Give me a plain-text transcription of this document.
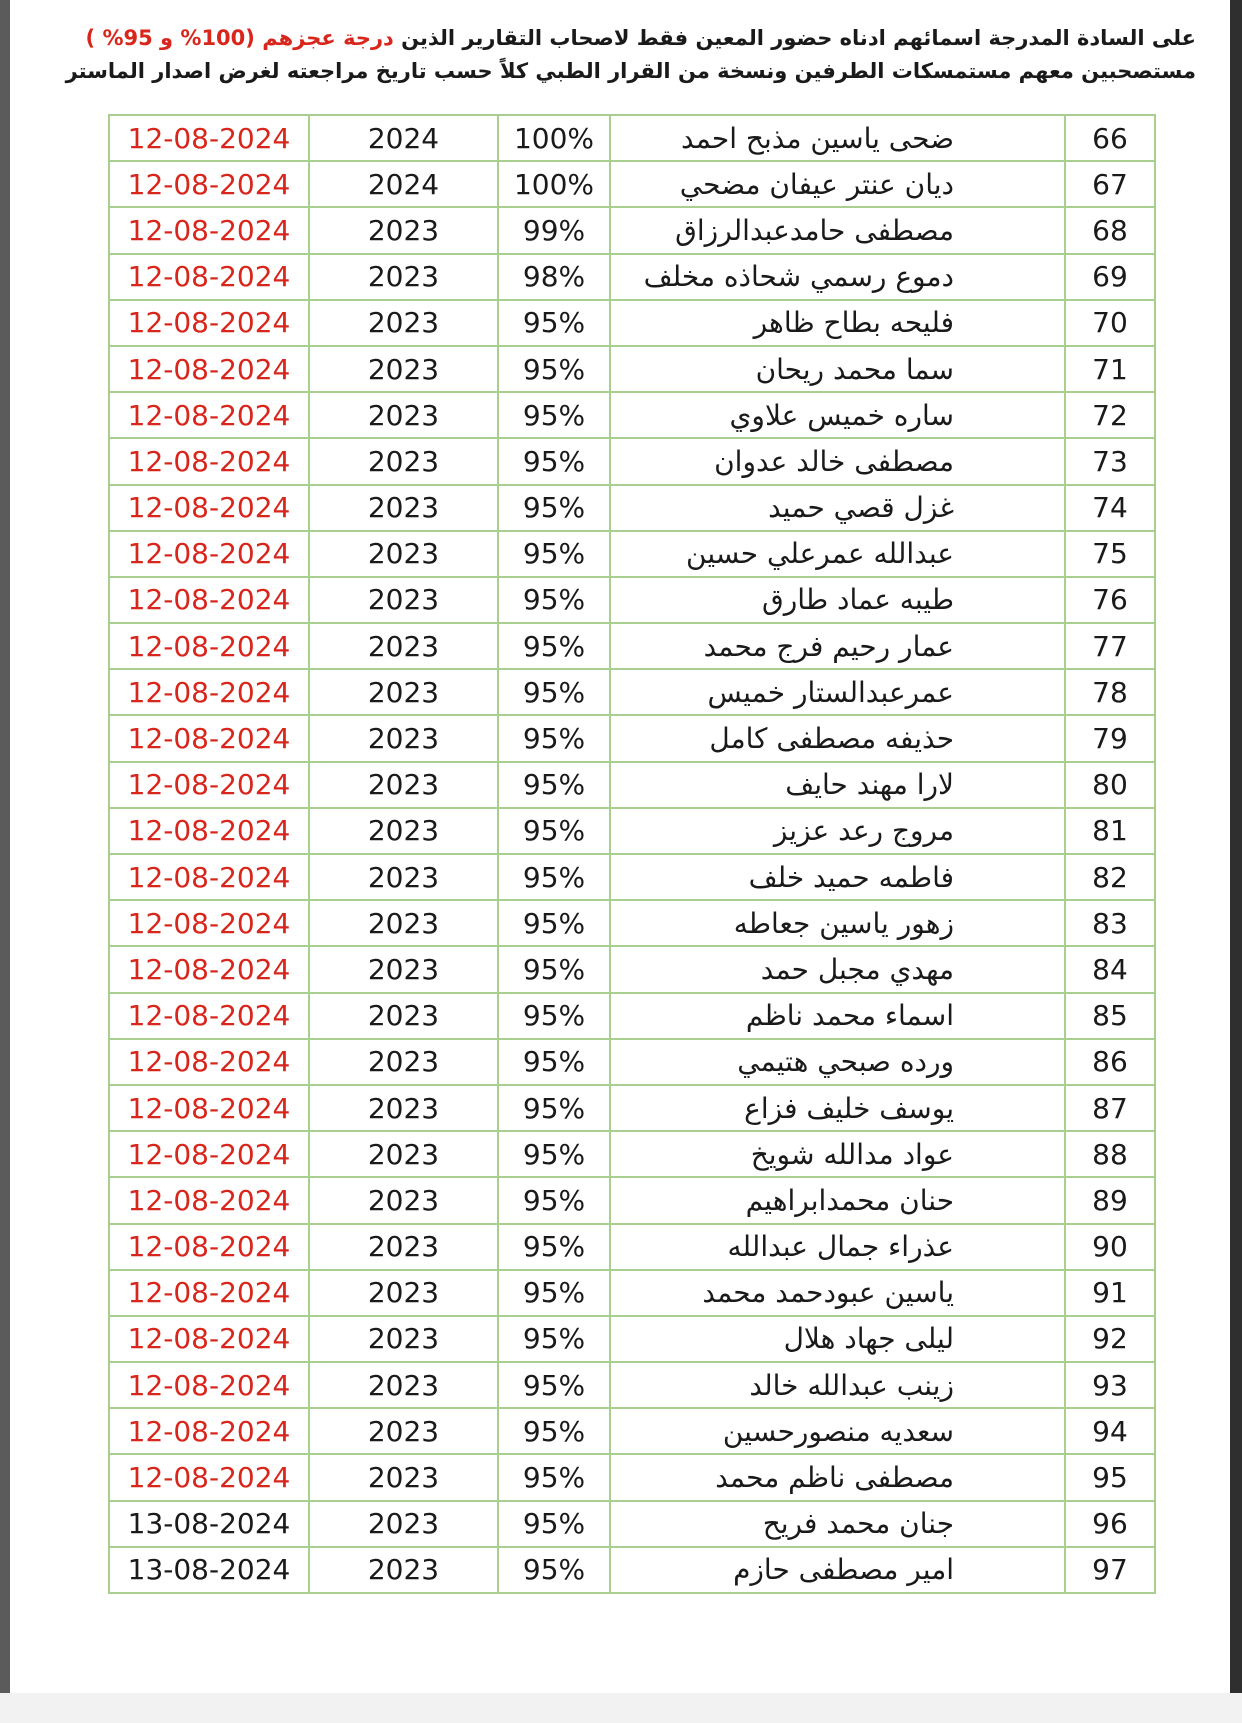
على السادة المدرجة اسمائهم ادناه حضور المعين فقط لاصحاب التقارير الذين درجة عجزهم (100% و 95% )
مستصحبين معهم مستمسكات الطرفين ونسخة من القرار الطبي كلاً حسب تاريخ مراجعته لغرض اصدار الماستر
12-08-2024	2024	100%	ضحى ياسين مذبح احمد	66
12-08-2024	2024	100%	ديان عنتر عيفان مضحي	67
12-08-2024	2023	99%	مصطفى حامدعبدالرزاق	68
12-08-2024	2023	98%	دموع رسمي شحاذه مخلف	69
12-08-2024	2023	95%	فليحه بطاح ظاهر	70
12-08-2024	2023	95%	سما محمد ريحان	71
12-08-2024	2023	95%	ساره خميس علاوي	72
12-08-2024	2023	95%	مصطفى خالد عدوان	73
12-08-2024	2023	95%	غزل قصي حميد	74
12-08-2024	2023	95%	عبدالله عمرعلي حسين	75
12-08-2024	2023	95%	طيبه عماد طارق	76
12-08-2024	2023	95%	عمار رحيم فرج محمد	77
12-08-2024	2023	95%	عمرعبدالستار خميس	78
12-08-2024	2023	95%	حذيفه مصطفى كامل	79
12-08-2024	2023	95%	لارا مهند حايف	80
12-08-2024	2023	95%	مروج رعد عزيز	81
12-08-2024	2023	95%	فاطمه حميد خلف	82
12-08-2024	2023	95%	زهور ياسين جعاطه	83
12-08-2024	2023	95%	مهدي مجبل حمد	84
12-08-2024	2023	95%	اسماء محمد ناظم	85
12-08-2024	2023	95%	ورده صبحي هتيمي	86
12-08-2024	2023	95%	يوسف خليف فزاع	87
12-08-2024	2023	95%	عواد مدالله شويخ	88
12-08-2024	2023	95%	حنان محمدابراهيم	89
12-08-2024	2023	95%	عذراء جمال عبدالله	90
12-08-2024	2023	95%	ياسين عبودحمد محمد	91
12-08-2024	2023	95%	ليلى جهاد هلال	92
12-08-2024	2023	95%	زينب عبدالله خالد	93
12-08-2024	2023	95%	سعديه منصورحسين	94
12-08-2024	2023	95%	مصطفى ناظم محمد	95
13-08-2024	2023	95%	جنان محمد فريح	96
13-08-2024	2023	95%	امير مصطفى حازم	97
